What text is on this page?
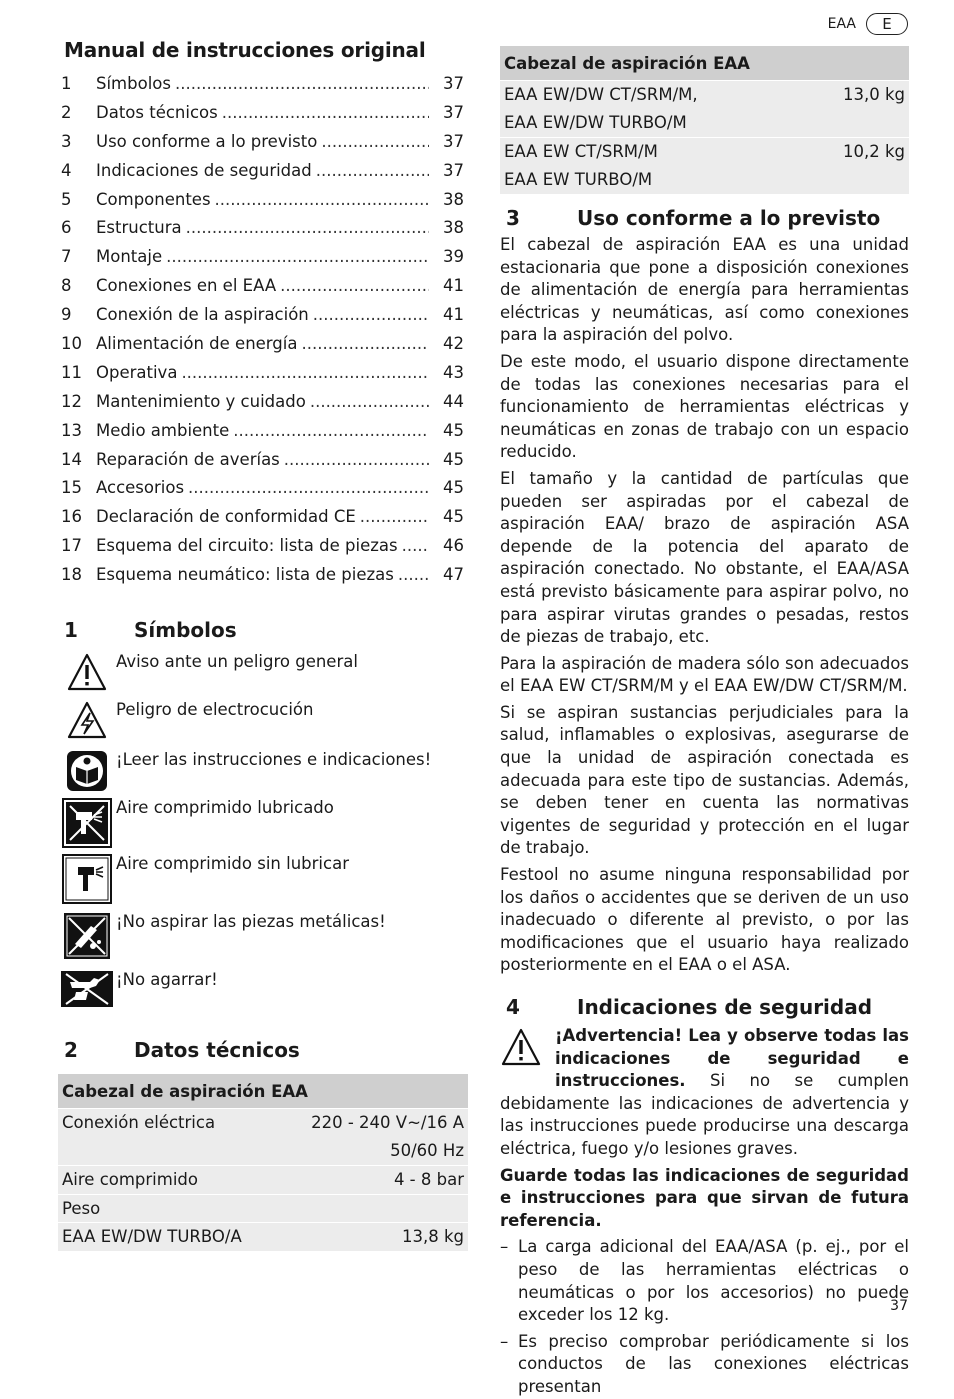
EAA	E
Manual de instrucciones original
1	Símbolos .....	37
2	Datos técnicos .....	37
3	Uso conforme a lo previsto .....	37
4	Indicaciones de seguridad .....	37
5	Componentes .....	38
6	Estructura .....	38
7	Montaje .....	39
8	Conexiones en el EAA .....	41
9	Conexión de la aspiración .....	41
10 Alimentación de energía .....	42
11 Operativa .....	43
12 Mantenimiento y cuidado .....	44
13 Medio ambiente .....	45
14 Reparación de averías .....	45
15 Accesorios .....	45
16 Declaración de conformidad CE .....	45
17 Esquema del circuito: lista de piezas .....	46
18 Esquema neumático: lista de piezas .....	47
1	Símbolos
Aviso ante un peligro general
Peligro de electrocución
¡Leer las instrucciones e indicaciones!
Aire comprimido lubricado
Aire comprimido sin lubricar
¡No aspirar las piezas metálicas!
¡No agarrar!
2	Datos técnicos
Cabezal de aspiración EAA
Conexión eléctrica	220 - 240 V~/16 A
50/60 Hz
Aire comprimido	4 - 8 bar
Peso
EAA EW/DW TURBO/A	13,8 kg
Cabezal de aspiración EAA
EAA EW/DW CT/SRM/M,	13,0 kg
EAA EW/DW TURBO/M
EAA EW CT/SRM/M	10,2 kg
EAA EW TURBO/M
3	Uso conforme a lo previsto

El cabezal de aspiración EAA es una unidad estacionaria que pone a disposición conexiones de alimentación de energía para herramientas eléctricas y neumáticas, así como conexiones para la aspiración del polvo.

De este modo, el usuario dispone directamente de todas las conexiones necesarias para el funcionamiento de herramientas eléctricas y neumáticas en zonas de trabajo con un espacio reducido.

El tamaño y la cantidad de partículas que pueden ser aspiradas por el cabezal de aspiración EAA/ brazo de aspiración ASA depende de la potencia del aparato de aspiración conectado. No obstante, el EAA/ASA está previsto básicamente para aspirar polvo, no para aspirar virutas grandes o pesadas, restos de piezas de trabajo, etc.

Para la aspiración de madera sólo son adecuados el EAA EW CT/SRM/M y el EAA EW/DW CT/SRM/M.

Si se aspiran sustancias perjudiciales para la salud, inflamables o explosivas, asegurarse de que la unidad de aspiración conectada es adecuada para este tipo de sustancias. Además, se deben tener en cuenta las normativas vigentes de seguridad y protección en el lugar de trabajo.

Festool no asume ninguna responsabilidad por los daños o accidentes que se deriven de un uso inadecuado o diferente al previsto, o por las modificaciones que el usuario haya realizado posteriormente en el EAA o el ASA.

4	Indicaciones de seguridad

¡Advertencia! Lea y observe todas las indicaciones de seguridad e instrucciones. Si no se cumplen debidamente las indicaciones de advertencia y las instrucciones puede producirse una descarga eléctrica, fuego y/o lesiones graves.

Guarde todas las indicaciones de seguridad e instrucciones para que sirvan de futura referencia.

– La carga adicional del EAA/ASA (p. ej., por el peso de las herramientas eléctricas o neumáticas o por los accesorios) no puede exceder los 12 kg.
– Es preciso comprobar periódicamente si los conductos de las conexiones eléctricas presentan
37
